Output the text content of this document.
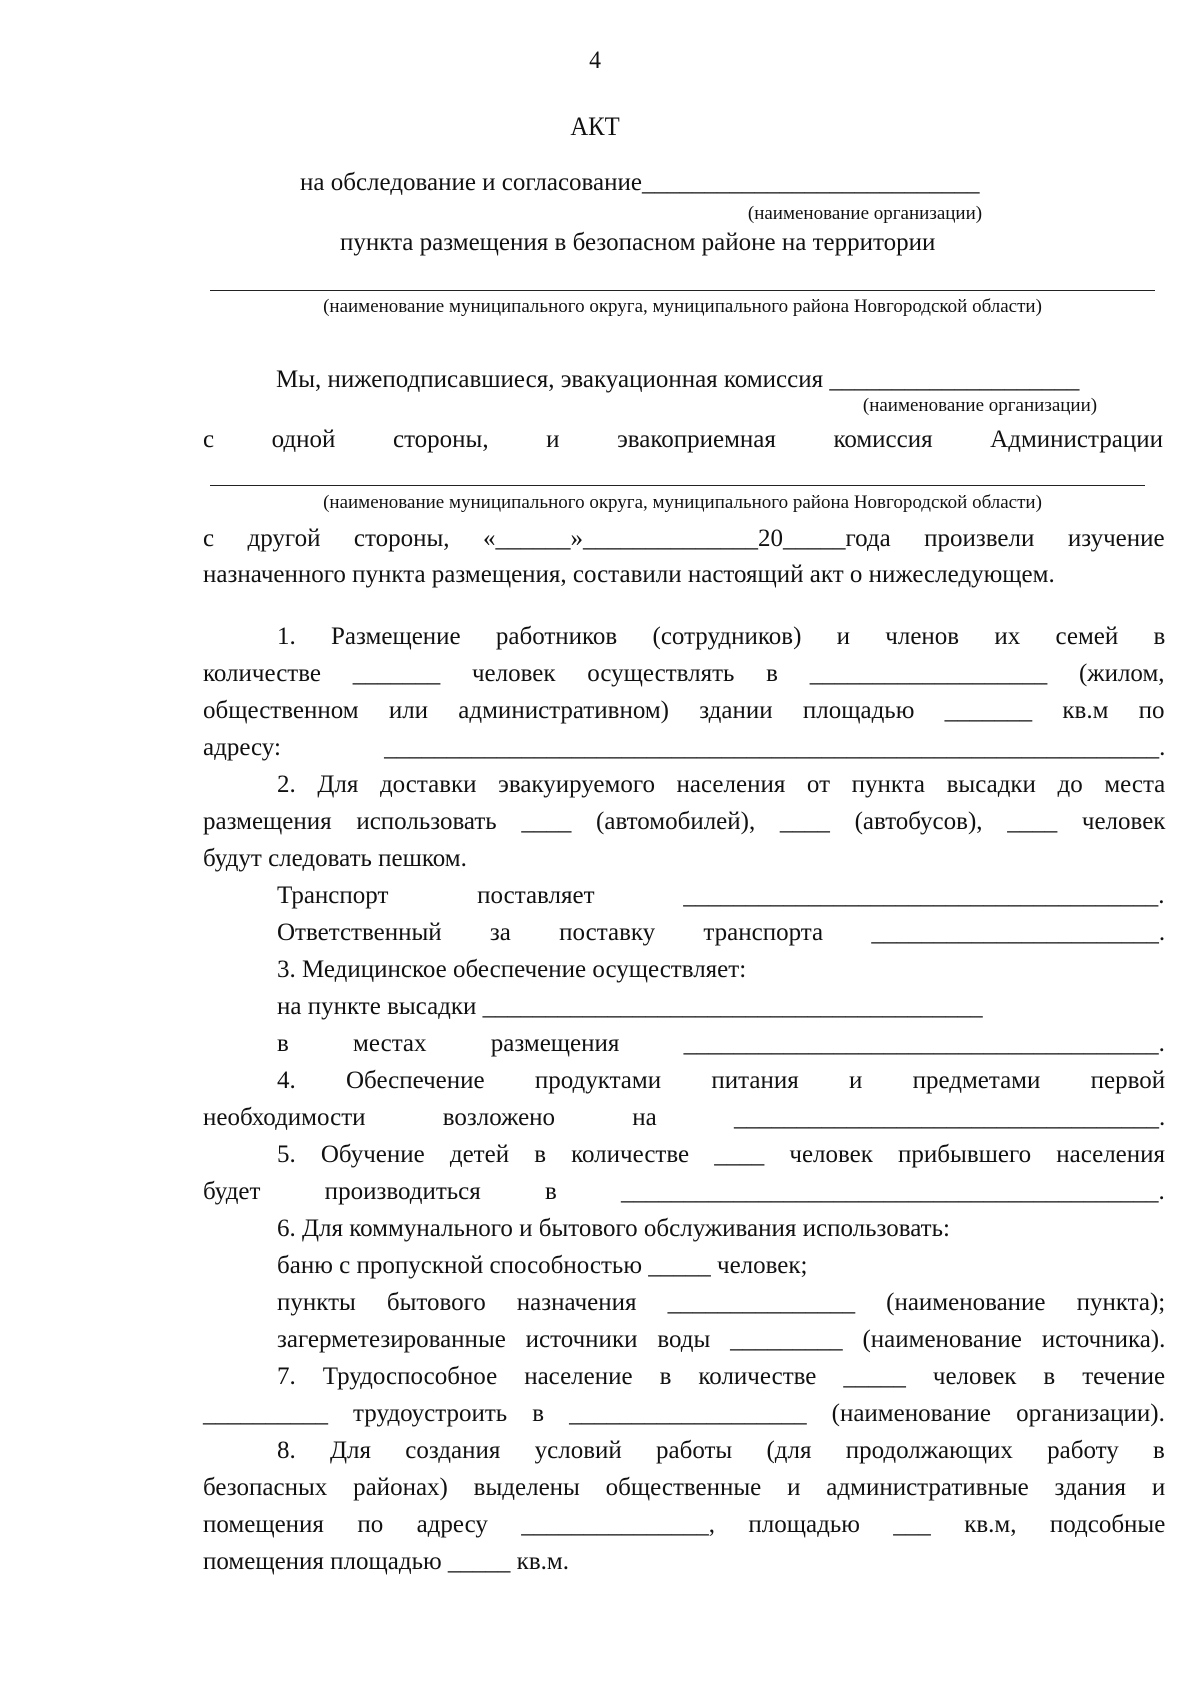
4
АКТ
на обследование и согласование___________________________
(наименование организации)
пункта размещения в безопасном районе на территории
(наименование муниципального округа, муниципального района Новгородской области)
Мы, нижеподписавшиеся, эвакуационная комиссия ____________________
(наименование организации)
с одной стороны, и эвакоприемная комиссия Администрации
(наименование муниципального округа, муниципального района Новгородской области)
с другой стороны, «______»______________20_____года произвели изучение
назначенного пункта размещения, составили настоящий акт о нижеследующем.
1. Размещение работников (сотрудников) и членов их семей в
количестве _______ человек осуществлять в ___________________ (жилом,
общественном или административном) здании площадью _______ кв.м по
адресу: ______________________________________________________________.
2. Для доставки эвакуируемого населения от пункта высадки до места
размещения использовать ____ (автомобилей), ____ (автобусов), ____ человек
будут следовать пешком.
Транспорт поставляет ______________________________________.
Ответственный за поставку транспорта _______________________.
3. Медицинское обеспечение осуществляет:
на пункте высадки ________________________________________
в местах размещения ______________________________________.
4. Обеспечение продуктами питания и предметами первой
необходимости возложено на __________________________________.
5. Обучение детей в количестве ____ человек прибывшего населения
будет производиться в ___________________________________________.
6. Для коммунального и бытового обслуживания использовать:
баню с пропускной способностью _____ человек;
пункты бытового назначения _______________ (наименование пункта);
загерметезированные источники воды _________ (наименование источника).
7. Трудоспособное население в количестве _____ человек в течение
__________ трудоустроить в ___________________ (наименование организации).
8. Для создания условий работы (для продолжающих работу в
безопасных районах) выделены общественные и административные здания и
помещения по адресу _______________, площадью ___ кв.м, подсобные
помещения площадью _____ кв.м.
